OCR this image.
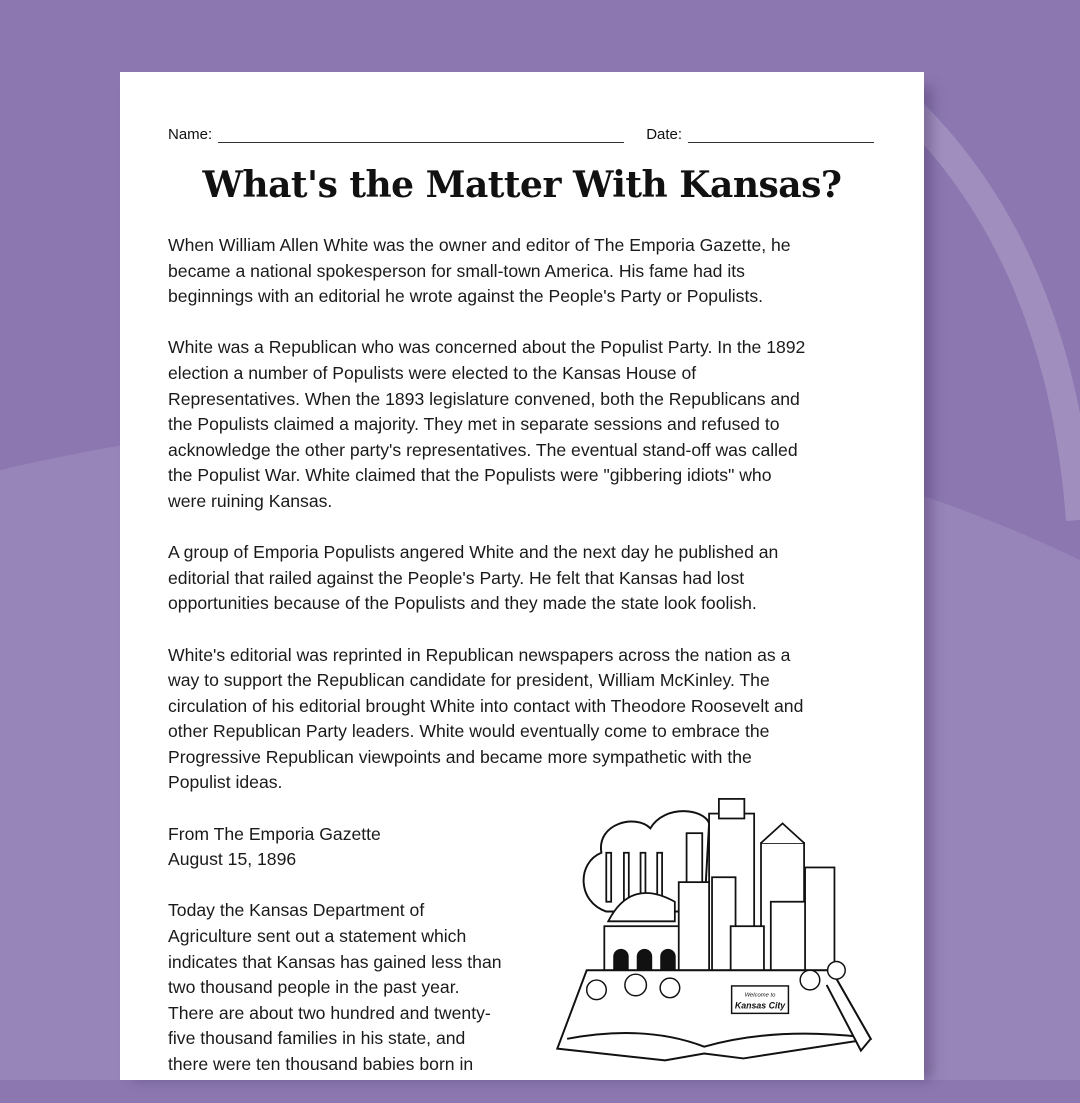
Name:	Date:
What's the Matter With Kansas?
When William Allen White was the owner and editor of The Emporia Gazette, he
became a national spokesperson for small-town America. His fame had its
beginnings with an editorial he wrote against the People's Party or Populists.
White was a Republican who was concerned about the Populist Party. In the 1892
election a number of Populists were elected to the Kansas House of
Representatives. When the 1893 legislature convened, both the Republicans and
the Populists claimed a majority. They met in separate sessions and refused to
acknowledge the other party's representatives. The eventual stand-off was called
the Populist War. White claimed that the Populists were "gibbering idiots" who
were ruining Kansas.
A group of Emporia Populists angered White and the next day he published an
editorial that railed against the People's Party. He felt that Kansas had lost
opportunities because of the Populists and they made the state look foolish.
White's editorial was reprinted in Republican newspapers across the nation as a
way to support the Republican candidate for president, William McKinley. The
circulation of his editorial brought White into contact with Theodore Roosevelt and
other Republican Party leaders. White would eventually come to embrace the
Progressive Republican viewpoints and became more sympathetic with the
Populist ideas.
From The Emporia Gazette
August 15, 1896
Today the Kansas Department of
Agriculture sent out a statement which
indicates that Kansas has gained less than
two thousand people in the past year.
There are about two hundred and twenty-
five thousand families in his state, and
there were ten thousand babies born in
Welcome to
Kansas City
